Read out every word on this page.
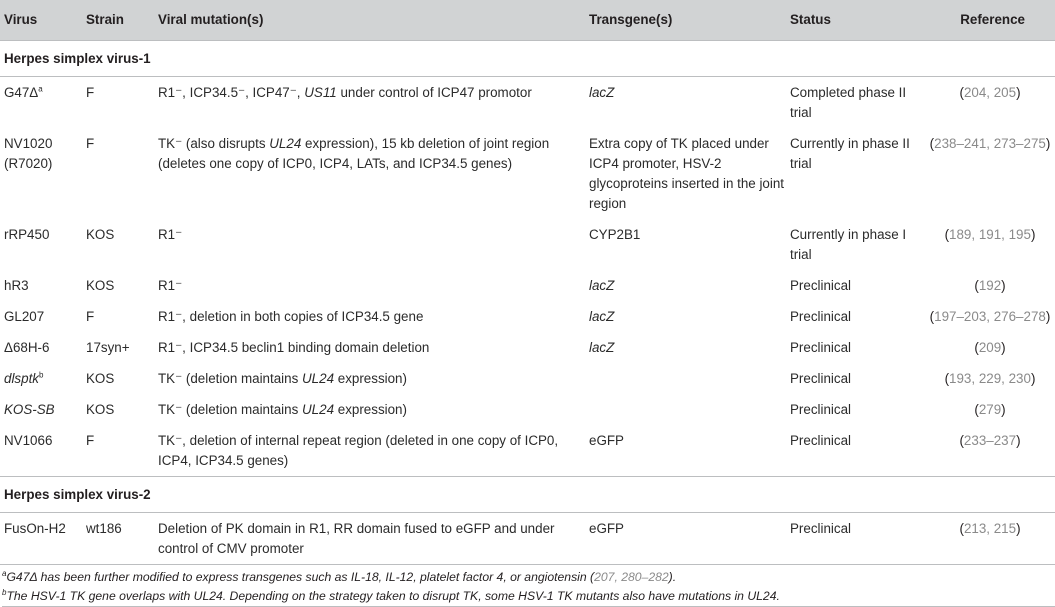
Virus	Strain	Viral mutation(s)	Transgene(s)	Status	Reference
Herpes simplex virus-1					
$G47\Delta^a$	F	R1⁻, ICP34.5⁻, ICP47⁻, US11 under control of ICP47 promotor	lacZ	Completed phase II trial	(204, 205)
NV1020 (R7020)	F	TK⁻ (also disrupts UL24 expression), 15 kb deletion of joint region (deletes one copy of ICP0, ICP4, LATs, and ICP34.5 genes)	Extra copy of TK placed under ICP4 promoter, HSV-2 glycoproteins inserted in the joint region	Currently in phase II trial	(238–241, 273–275)
rRP450	KOS	R1⁻	CYP2B1	Currently in phase I trial	(189, 191, 195)
hR3	KOS	R1⁻	lacZ	Preclinical	(192)
GL207	F	R1⁻, deletion in both copies of ICP34.5 gene	lacZ	Preclinical	(197–203, 276–278)
Δ68H-6	17syn+	R1⁻, ICP34.5 beclin1 binding domain deletion	lacZ	Preclinical	(209)
dlsptk$^b$	KOS	TK⁻ (deletion maintains UL24 expression)		Preclinical	(193, 229, 230)
KOS-SB	KOS	TK⁻ (deletion maintains UL24 expression)		Preclinical	(279)
NV1066	F	TK⁻, deletion of internal repeat region (deleted in one copy of ICP0, ICP4, ICP34.5 genes)	eGFP	Preclinical	(233–237)
Herpes simplex virus-2					
FusOn-H2	wt186	Deletion of PK domain in R1, RR domain fused to eGFP and under control of CMV promoter	eGFP	Preclinical	(213, 215)
$^a$G47Δ has been further modified to express transgenes such as IL-18, IL-12, platelet factor 4, or angiotensin (207, 280–282).
$^b$The HSV-1 TK gene overlaps with UL24. Depending on the strategy taken to disrupt TK, some HSV-1 TK mutants also have mutations in UL24.
